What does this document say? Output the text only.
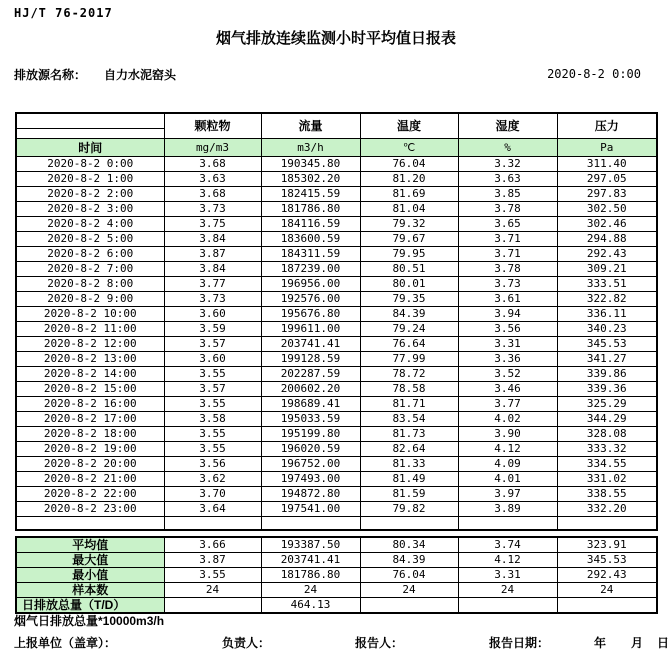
HJ/T 76-2017
烟气排放连续监测小时平均值日报表
排放源名称： 自力水泥窑头	2020-8-2 0:00
	颗粒物	流量	温度	湿度	压力

时间	mg/m3	m3/h	℃	%	Pa
2020-8-2 0:00	3.68	190345.80	76.04	3.32	311.40
2020-8-2 1:00	3.63	185302.20	81.20	3.63	297.05
2020-8-2 2:00	3.68	182415.59	81.69	3.85	297.83
2020-8-2 3:00	3.73	181786.80	81.04	3.78	302.50
2020-8-2 4:00	3.75	184116.59	79.32	3.65	302.46
2020-8-2 5:00	3.84	183600.59	79.67	3.71	294.88
2020-8-2 6:00	3.87	184311.59	79.95	3.71	292.43
2020-8-2 7:00	3.84	187239.00	80.51	3.78	309.21
2020-8-2 8:00	3.77	196956.00	80.01	3.73	333.51
2020-8-2 9:00	3.73	192576.00	79.35	3.61	322.82
2020-8-2 10:00	3.60	195676.80	84.39	3.94	336.11
2020-8-2 11:00	3.59	199611.00	79.24	3.56	340.23
2020-8-2 12:00	3.57	203741.41	76.64	3.31	345.53
2020-8-2 13:00	3.60	199128.59	77.99	3.36	341.27
2020-8-2 14:00	3.55	202287.59	78.72	3.52	339.86
2020-8-2 15:00	3.57	200602.20	78.58	3.46	339.36
2020-8-2 16:00	3.55	198689.41	81.71	3.77	325.29
2020-8-2 17:00	3.58	195033.59	83.54	4.02	344.29
2020-8-2 18:00	3.55	195199.80	81.73	3.90	328.08
2020-8-2 19:00	3.55	196020.59	82.64	4.12	333.32
2020-8-2 20:00	3.56	196752.00	81.33	4.09	334.55
2020-8-2 21:00	3.62	197493.00	81.49	4.01	331.02
2020-8-2 22:00	3.70	194872.80	81.59	3.97	338.55
2020-8-2 23:00	3.64	197541.00	79.82	3.89	332.20

平均值	3.66	193387.50	80.34	3.74	323.91
最大值	3.87	203741.41	84.39	4.12	345.53
最小值	3.55	181786.80	76.04	3.31	292.43
样本数	24	24	24	24	24
日排放总量（T/D）		464.13			
烟气日排放总量*10000m3/h
上报单位（盖章）：	负责人：	报告人：	报告日期：	年 月 日
